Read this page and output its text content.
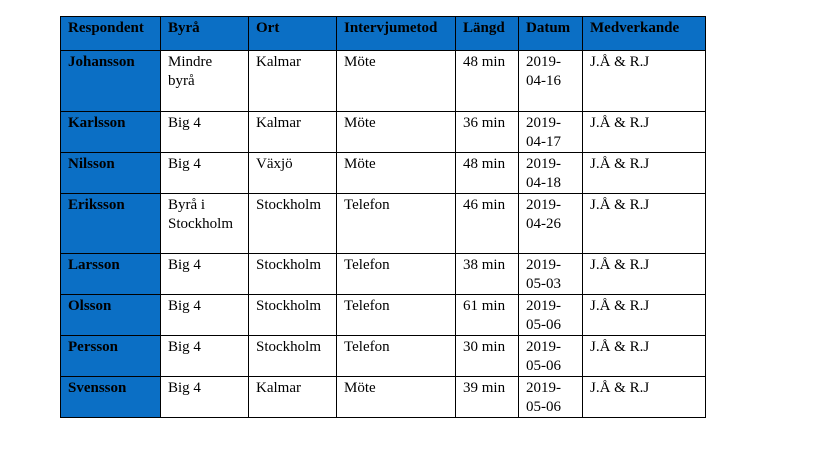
Respondent	Byrå	Ort	Intervjumetod	Längd	Datum	Medverkande
Johansson	Mindre byrå	Kalmar	Möte	48 min	2019-04-16	J.Å & R.J
Karlsson	Big 4	Kalmar	Möte	36 min	2019-04-17	J.Å & R.J
Nilsson	Big 4	Växjö	Möte	48 min	2019-04-18	J.Å & R.J
Eriksson	Byrå i Stockholm	Stockholm	Telefon	46 min	2019-04-26	J.Å & R.J
Larsson	Big 4	Stockholm	Telefon	38 min	2019-05-03	J.Å & R.J
Olsson	Big 4	Stockholm	Telefon	61 min	2019-05-06	J.Å & R.J
Persson	Big 4	Stockholm	Telefon	30 min	2019-05-06	J.Å & R.J
Svensson	Big 4	Kalmar	Möte	39 min	2019-05-06	J.Å & R.J
